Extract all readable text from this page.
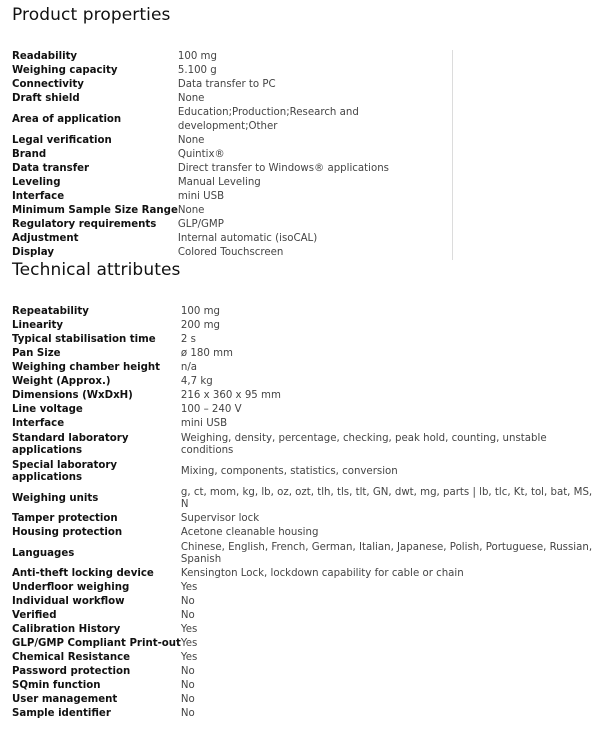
Product properties
Readability	100 mg
Weighing capacity	5.100 g
Connectivity	Data transfer to PC
Draft shield	None
Area of application	Education;Production;Research and development;Other
Legal verification	None
Brand	Quintix®
Data transfer	Direct transfer to Windows® applications
Leveling	Manual Leveling
Interface	mini USB
Minimum Sample Size Range	None
Regulatory requirements	GLP/GMP
Adjustment	Internal automatic (isoCAL)
Display	Colored Touchscreen
Technical attributes
Repeatability	100 mg
Linearity	200 mg
Typical stabilisation time	2 s
Pan Size	ø 180 mm
Weighing chamber height	n/a
Weight (Approx.)	4,7 kg
Dimensions (WxDxH)	216 x 360 x 95 mm
Line voltage	100 – 240 V
Interface	mini USB
Standard laboratory applications	Weighing, density, percentage, checking, peak hold, counting, unstable conditions
Special laboratory applications	Mixing, components, statistics, conversion
Weighing units	g, ct, mom, kg, lb, oz, ozt, tlh, tls, tlt, GN, dwt, mg, parts | lb, tlc, Kt, tol, bat, MS, N
Tamper protection	Supervisor lock
Housing protection	Acetone cleanable housing
Languages	Chinese, English, French, German, Italian, Japanese, Polish, Portuguese, Russian, Spanish
Anti-theft locking device	Kensington Lock, lockdown capability for cable or chain
Underfloor weighing	Yes
Individual workflow	No
Verified	No
Calibration History	Yes
GLP/GMP Compliant Print-out	Yes
Chemical Resistance	Yes
Password protection	No
SQmin function	No
User management	No
Sample identifier	No
